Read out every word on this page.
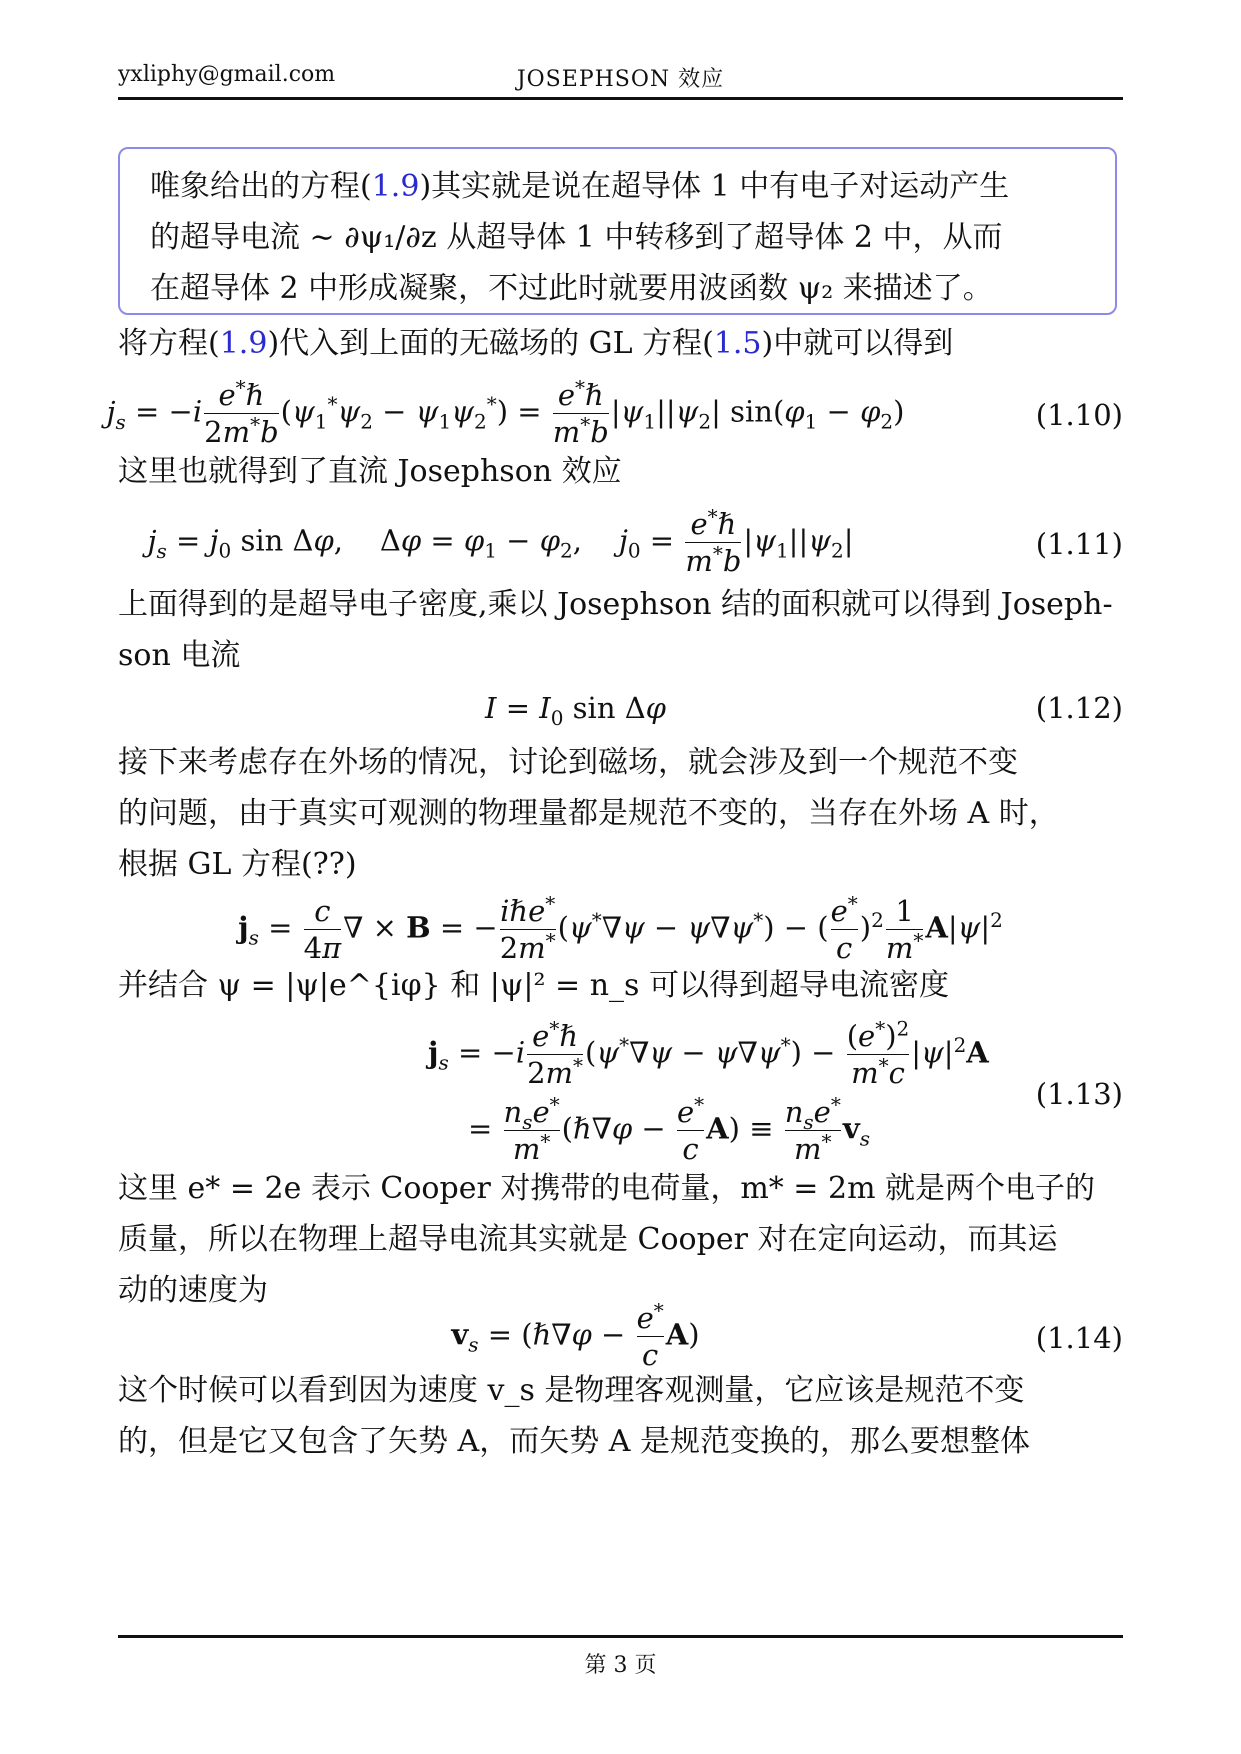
yxliphy@gmail.com	JOSEPHSON 效应
唯象给出的方程(1.9)其实就是说在超导体 1 中有电子对运动产生
的超导电流 ∼ ∂ψ₁/∂z 从超导体 1 中转移到了超导体 2 中，从而
在超导体 2 中形成凝聚，不过此时就要用波函数 ψ₂ 来描述了。
将方程(1.9)代入到上面的无磁场的 GL 方程(1.5)中就可以得到
$j_s = -i \frac{e^*\hbar}{2m^*b} (\psi_1^*\psi_2 - \psi_1\psi_2^*) = \frac{e^*\hbar}{m^*b} |\psi_1||\psi_2|$ $\sin(\varphi_1 - \varphi_2)$	(1.10)
这里也就得到了直流 Josephson 效应
$j_s = j_0$ sin Δφ,    $\Delta\varphi = \varphi_1 - \varphi_2$,    $j_0 = \frac{e^*\hbar}{m^*b} |\psi_1||\psi_2|$	(1.11)
上面得到的是超导电子密度,乘以 Josephson 结的面积就可以得到 Joseph-
son 电流
$I = I_0$ sin Δφ	(1.12)
接下来考虑存在外场的情况，讨论到磁场，就会涉及到一个规范不变
的问题，由于真实可观测的物理量都是规范不变的，当存在外场 A 时，
根据 GL 方程(??)
$j_s = \frac{c}{4\pi}$ ∇ × B = − $\frac{i\hbar e^*}{2m^*} (\psi^*\nabla\psi - \psi\nabla\psi^*)$ − ( $\frac{e^*}{c} )^2 \frac{1}{m^*} A|\psi|^2$
并结合 ψ = |ψ|e^{iφ} 和 |ψ|² = n_s 可以得到超导电流密度
$j_s = -i \frac{e^*\hbar}{2m^*} (\psi^*\nabla\psi - \psi\nabla\psi^*) - \frac{(e^*)^2}{m^*c} |\psi|^2A$
= $\frac{n_se^*}{m^*}$ (ℏ∇φ − $\frac{e^*}{c} A) \equiv \frac{n_se^*}{m^*} v_s$
(1.13)
这里 e* = 2e 表示 Cooper 对携带的电荷量，m* = 2m 就是两个电子的
质量，所以在物理上超导电流其实就是 Cooper 对在定向运动，而其运
动的速度为
$v_s$ = (ℏ∇φ − $\frac{e^*}{c} A$)	(1.14)
这个时候可以看到因为速度 v_s 是物理客观测量，它应该是规范不变
的，但是它又包含了矢势 A，而矢势 A 是规范变换的，那么要想整体
第 3 页
